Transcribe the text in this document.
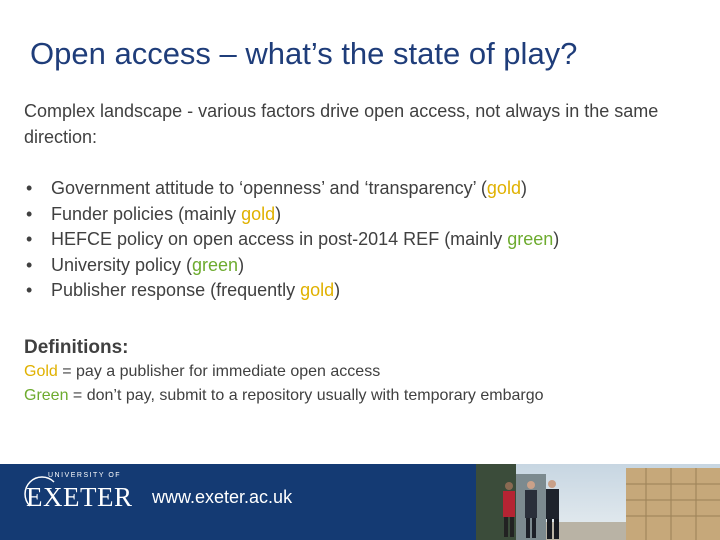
Open access – what’s the state of play?
Complex landscape - various factors drive open access, not always in the same direction:
• Government attitude to ‘openness’ and ‘transparency’ (gold)
• Funder policies (mainly gold)
• HEFCE policy on open access in post-2014 REF (mainly green)
• University policy (green)
• Publisher response (frequently gold)
Definitions:
Gold = pay a publisher for immediate open access
Green = don’t pay, submit to a repository usually with temporary embargo
UNIVERSITY OF
EXETER www.exeter.ac.uk
